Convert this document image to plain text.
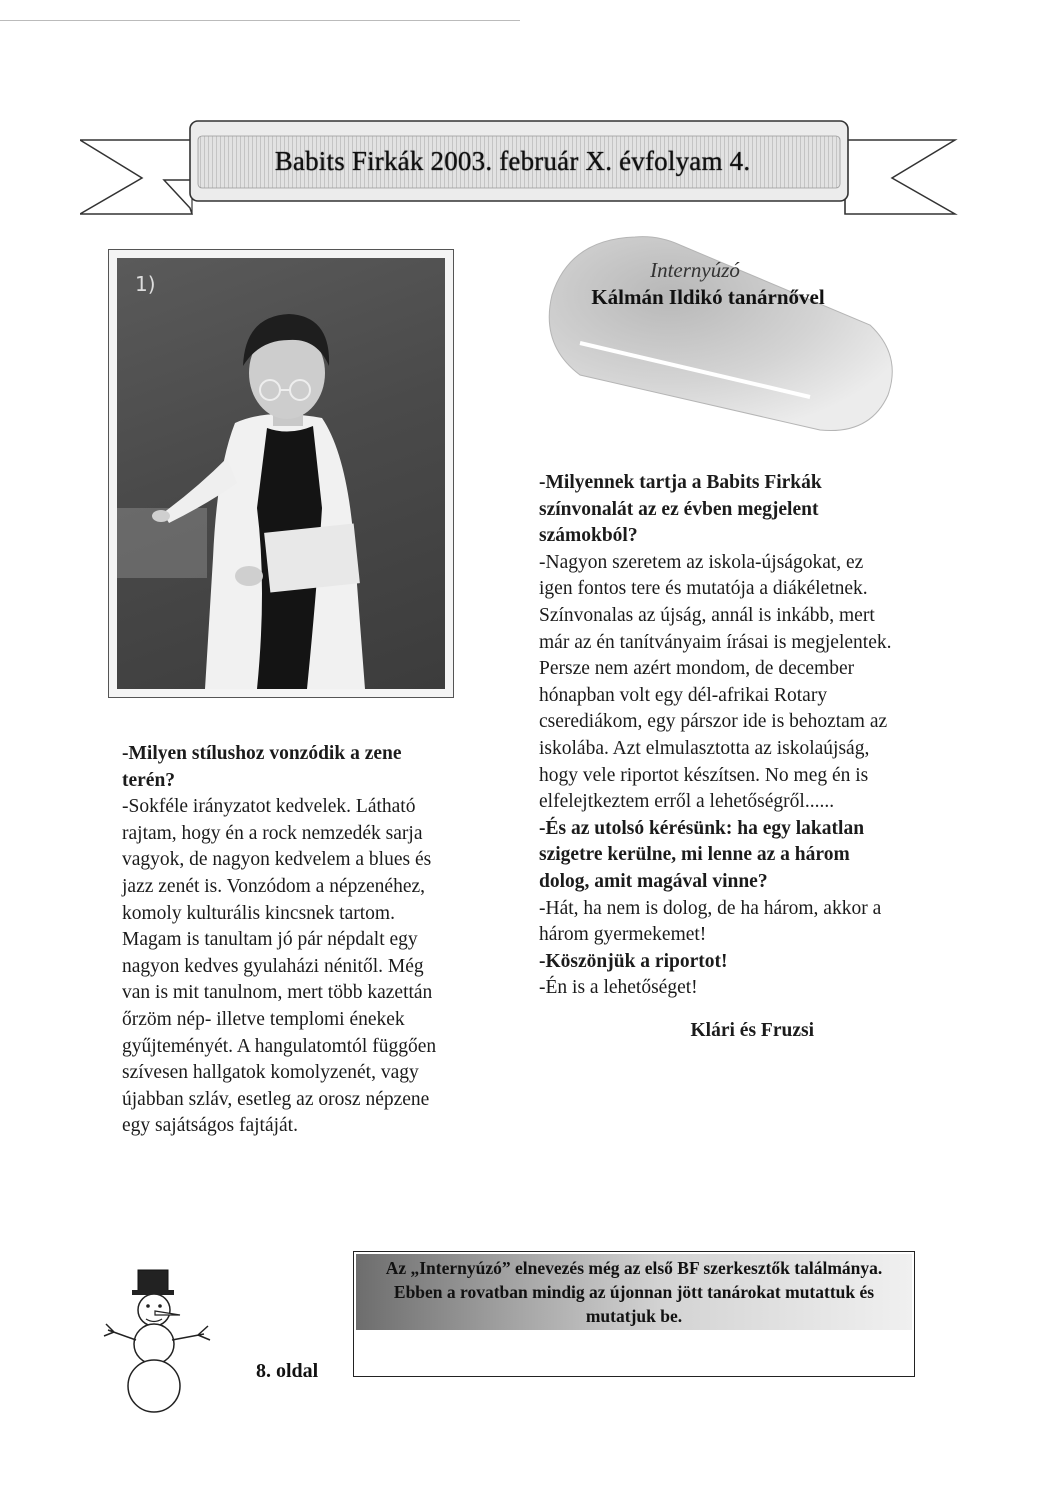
Babits Firkák 2003. február X. évfolyam 4.
1)
Internyúzó
Kálmán Ildikó tanárnővel

-Milyen stílushoz vonzódik a zene terén?

-Sokféle irányzatot kedvelek. Látható rajtam, hogy én a rock nemzedék sarja vagyok, de nagyon kedvelem a blues és jazz zenét is. Vonzódom a népzenéhez, komoly kulturális kincsnek tartom. Magam is tanultam jó pár népdalt egy nagyon kedves gyulaházi nénitől. Még van is mit tanulnom, mert több kazettán őrzöm nép- illetve templomi énekek gyűjteményét. A hangulatomtól függően szívesen hallgatok komolyzenét, vagy újabban szláv, esetleg az orosz népzene egy sajátságos fajtáját.

-Milyennek tartja a Babits Firkák színvonalát az ez évben megjelent számokból?

-Nagyon szeretem az iskola-újságokat, ez igen fontos tere és mutatója a diákéletnek. Színvonalas az újság, annál is inkább, mert már az én tanítványaim írásai is megjelentek. Persze nem azért mondom, de december hónapban volt egy dél-afrikai Rotary cserediákom, egy párszor ide is behoztam az iskolába. Azt elmulasztotta az iskolaújság, hogy vele riportot készítsen. No meg én is elfelejtkeztem erről a lehetőségről......

-És az utolsó kérésünk: ha egy lakatlan szigetre kerülne, mi lenne az a három dolog, amit magával vinne?

-Hát, ha nem is dolog, de ha három, akkor a három gyermekemet!

-Köszönjük a riportot!

-Én is a lehetőséget!

Klári és Fruzsi

Az „Internyúzó” elnevezés még az első BF szerkesztők találmánya. Ebben a rovatban mindig az újonnan jött tanárokat mutattuk és mutatjuk be.
8. oldal
